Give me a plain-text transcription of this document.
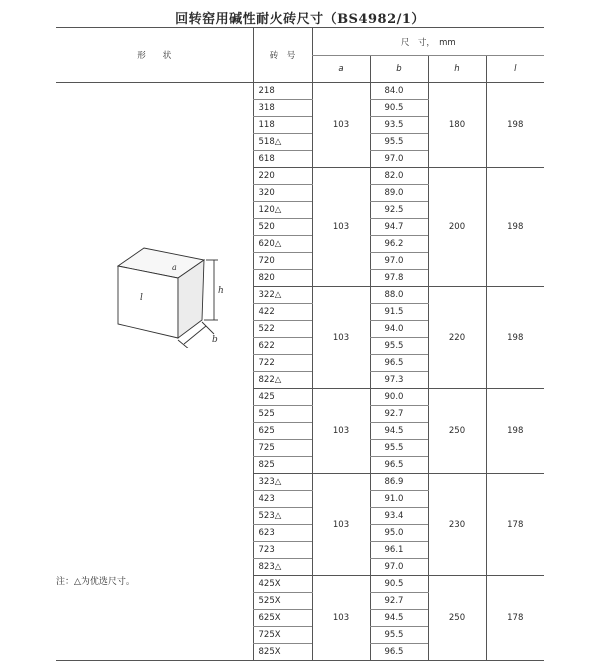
回转窑用碱性耐火砖尺寸（BS4982/1）
形　　状	砖　号	尺　寸，　mm			
		a	b	h	l
	218	103	84.0	180	198
	318		90.5		
	118		93.5		
	518△		95.5		
	618		97.0		
	220	103	82.0	200	198
	320		89.0		
	120△		92.5		
	520		94.7		
	620△		96.2		
	720		97.0		
	820		97.8		
	322△	103	88.0	220	198
	422		91.5		
	522		94.0		
	622		95.5		
	722		96.5		
	822△		97.3		
	425	103	90.0	250	198
	525		92.7		
	625		94.5		
	725		95.5		
	825		96.5		
	323△	103	86.9	230	178
	423		91.0		
	523△		93.4		
	623		95.0		
	723		96.1		
	823△		97.0		
	425X	103	90.5	250	178
	525X		92.7		
	625X		94.5		
	725X		95.5		
	825X		96.5		
l
a
h
b
注：△为优选尺寸。
